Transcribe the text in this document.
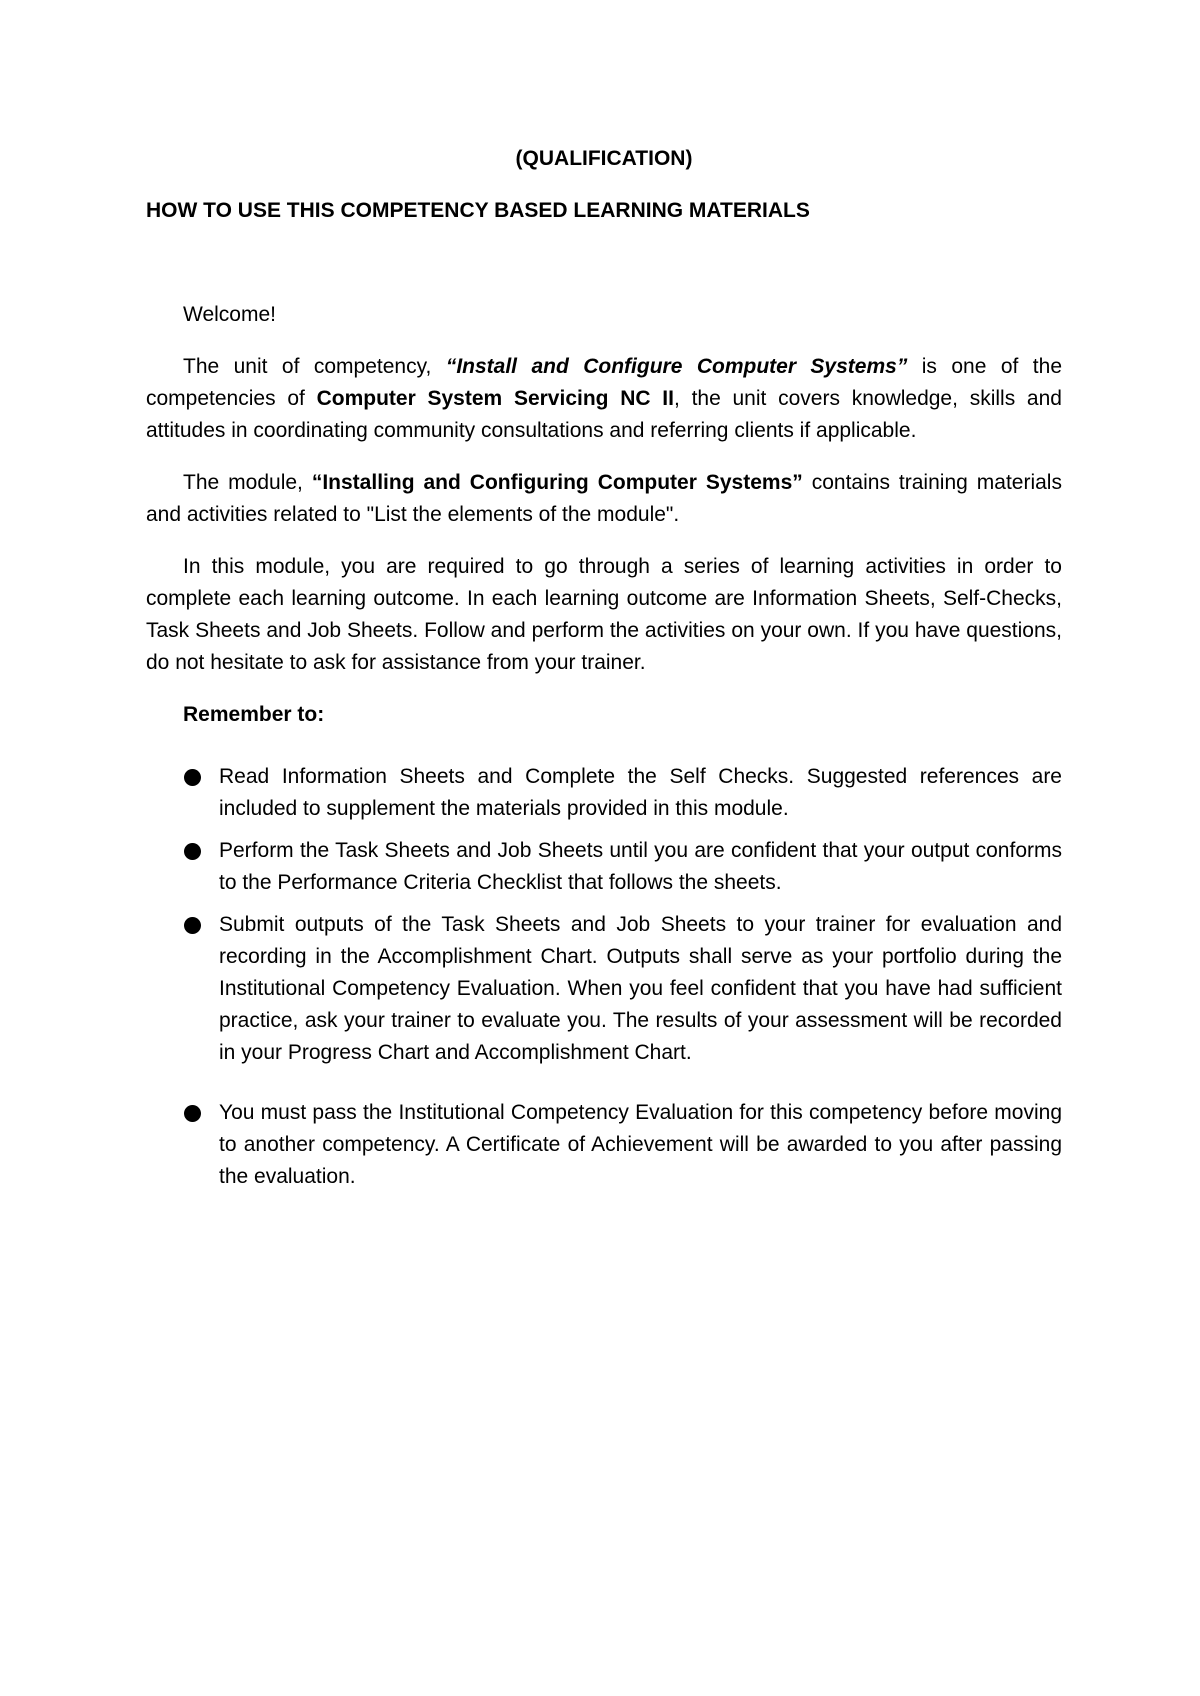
(QUALIFICATION)

HOW TO USE THIS COMPETENCY BASED LEARNING MATERIALS

Welcome!

The unit of competency, “Install and Configure Computer Systems” is one of the competencies of Computer System Servicing NC II, the unit covers knowledge, skills and attitudes in coordinating community consultations and referring clients if applicable.

The module, “Installing and Configuring Computer Systems” contains training materials and activities related to "List the elements of the module".

In this module, you are required to go through a series of learning activities in order to complete each learning outcome. In each learning outcome are Information Sheets, Self-Checks, Task Sheets and Job Sheets. Follow and perform the activities on your own. If you have questions, do not hesitate to ask for assistance from your trainer.

Remember to:

Read Information Sheets and Complete the Self Checks. Suggested references are included to supplement the materials provided in this module.
Perform the Task Sheets and Job Sheets until you are confident that your output conforms to the Performance Criteria Checklist that follows the sheets.
Submit outputs of the Task Sheets and Job Sheets to your trainer for evaluation and recording in the Accomplishment Chart. Outputs shall serve as your portfolio during the Institutional Competency Evaluation. When you feel confident that you have had sufficient practice, ask your trainer to evaluate you. The results of your assessment will be recorded in your Progress Chart and Accomplishment Chart.
You must pass the Institutional Competency Evaluation for this competency before moving to another competency. A Certificate of Achievement will be awarded to you after passing the evaluation.
